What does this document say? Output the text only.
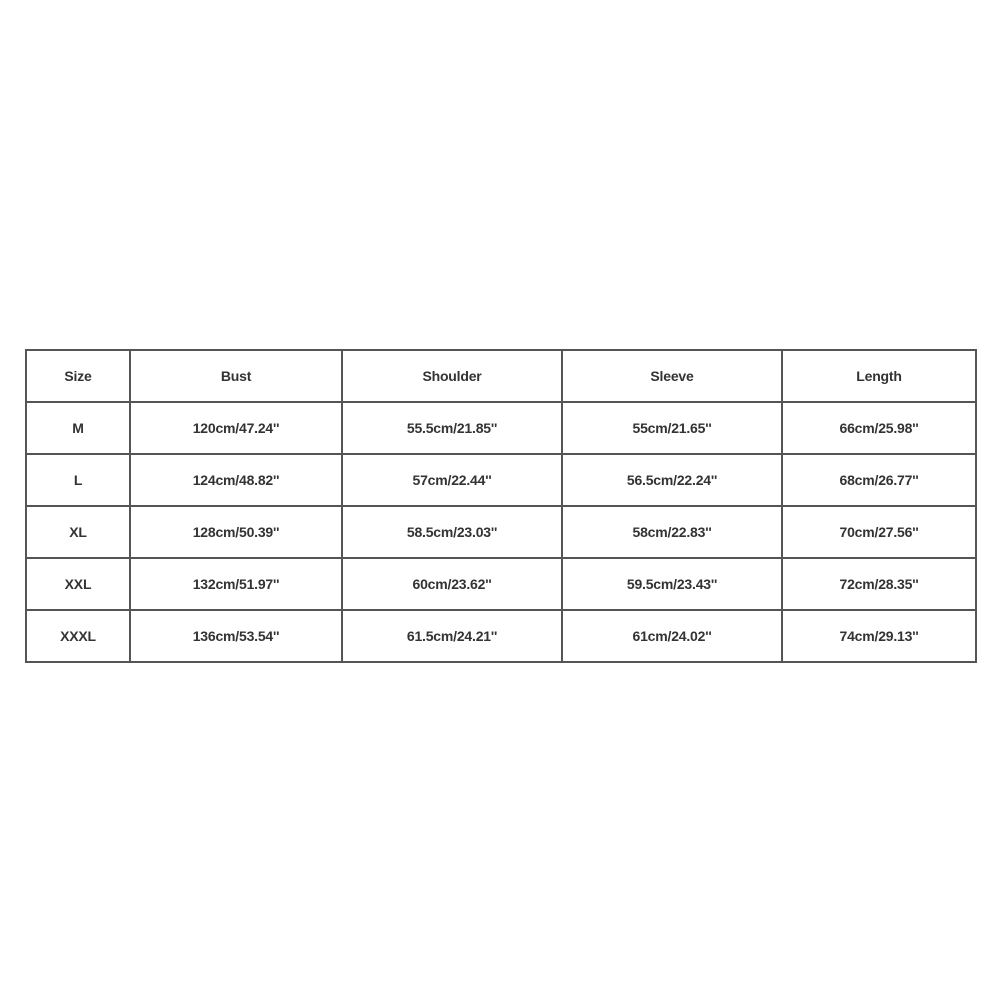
Size	Bust	Shoulder	Sleeve	Length
M	120cm/47.24''	55.5cm/21.85''	55cm/21.65''	66cm/25.98''
L	124cm/48.82''	57cm/22.44''	56.5cm/22.24''	68cm/26.77''
XL	128cm/50.39''	58.5cm/23.03''	58cm/22.83''	70cm/27.56''
XXL	132cm/51.97''	60cm/23.62''	59.5cm/23.43''	72cm/28.35''
XXXL	136cm/53.54''	61.5cm/24.21''	61cm/24.02''	74cm/29.13''
